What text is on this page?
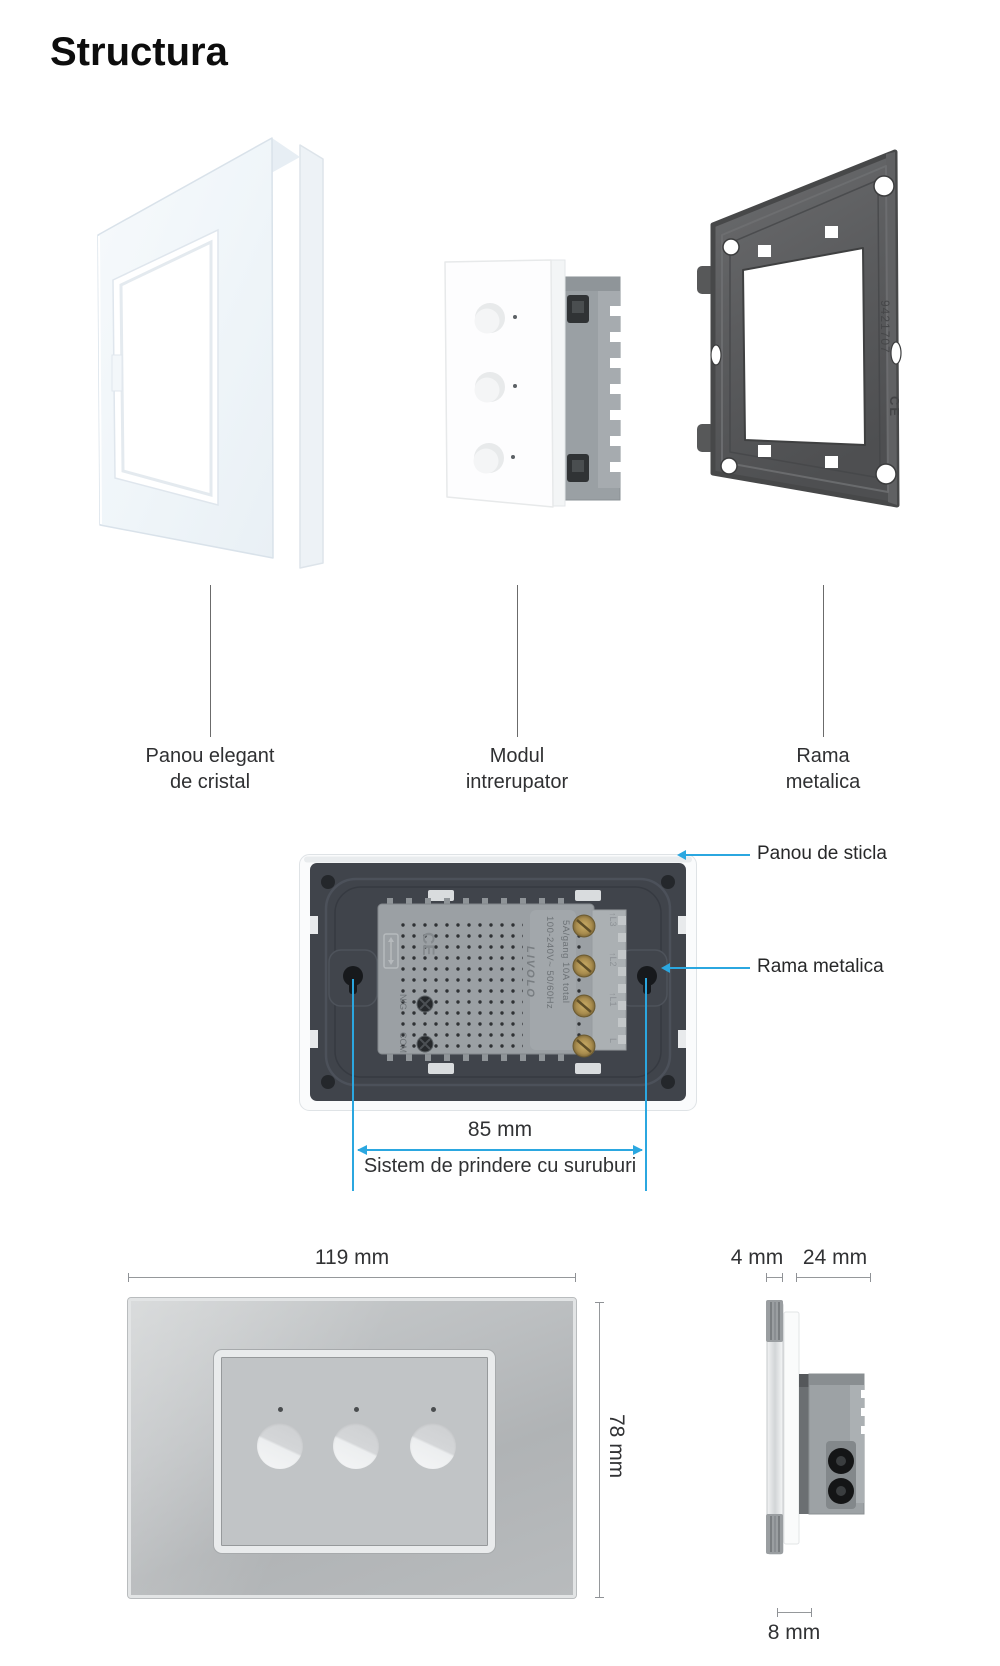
Structura
9421707
CE
Panou elegant
de cristal
Modul
intrerupator
Rama
metalica
100-240V~ 50/60Hz 5A/gang 10A total
LIVOLO
CE
N/G
COM
↑L3
↑L2
↑L1
L
Panou de sticla
Rama metalica
85 mm
Sistem de prindere cu suruburi
119 mm
78 mm
4 mm 24 mm
8 mm
